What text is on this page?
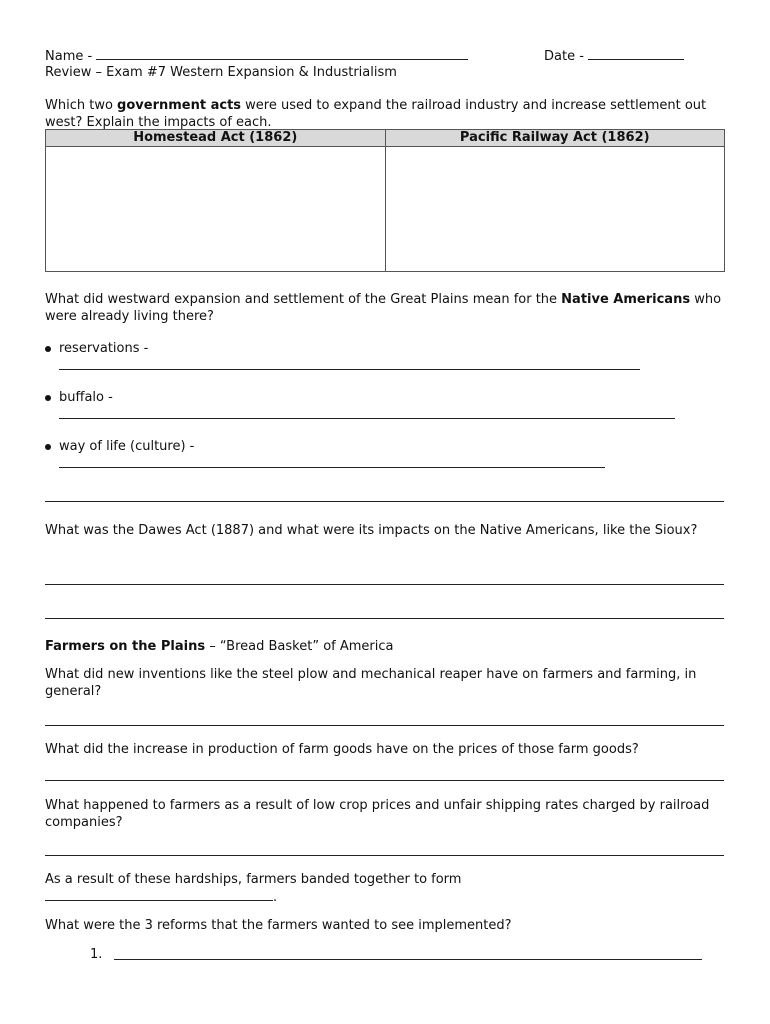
Name -	Date -
Review – Exam #7 Western Expansion & Industrialism
Which two government acts were used to expand the railroad industry and increase settlement out west? Explain the impacts of each.
Homestead Act (1862)	Pacific Railway Act (1862)

What did westward expansion and settlement of the Great Plains mean for the Native Americans who were already living there?
reservations -
buffalo -
way of life (culture) -
What was the Dawes Act (1887) and what were its impacts on the Native Americans, like the Sioux?
Farmers on the Plains – “Bread Basket” of America
What did new inventions like the steel plow and mechanical reaper have on farmers and farming, in general?
What did the increase in production of farm goods have on the prices of those farm goods?
What happened to farmers as a result of low crop prices and unfair shipping rates charged by railroad companies?
As a result of these hardships, farmers banded together to form
.
What were the 3 reforms that the farmers wanted to see implemented?
1.
